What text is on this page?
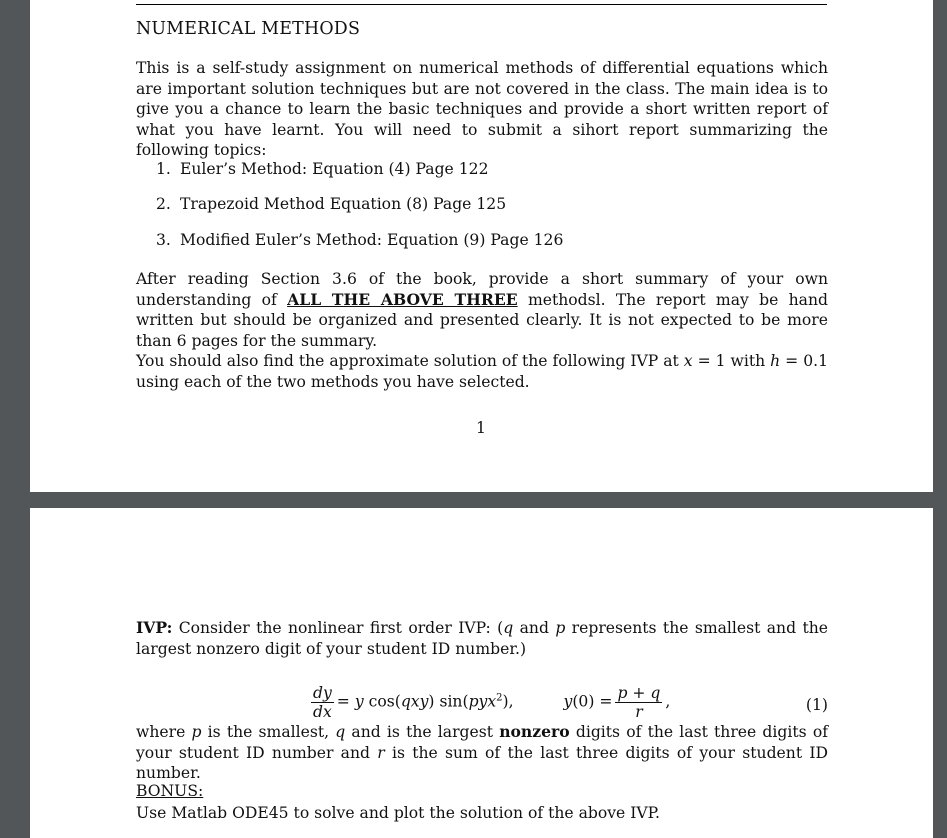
NUMERICAL METHODS

This is a self-study assignment on numerical methods of differential equations which are important solution techniques but are not covered in the class. The main idea is to give you a chance to learn the basic techniques and provide a short written report of what you have learnt. You will need to submit a sihort report summarizing the following topics:

1. Euler’s Method: Equation (4) Page 122
2. Trapezoid Method Equation (8) Page 125
3. Modified Euler’s Method: Equation (9) Page 126

After reading Section 3.6 of the book, provide a short summary of your own understanding of ALL THE ABOVE THREE methodsl. The report may be hand written but should be organized and presented clearly. It is not expected to be more than 6 pages for the summary.

You should also find the approximate solution of the following IVP at x = 1 with h = 0.1 using each of the two methods you have selected.

1

IVP: Consider the nonlinear first order IVP: (q and p represents the smallest and the largest nonzero digit of your student ID number.)

$\frac{dy}{dx} = y$ cos(qxy) sin(pyx$^2$),	$y(0) = \frac{p + q}{r}$ ,	(1)

where p is the smallest, q and is the largest nonzero digits of the last three digits of your student ID number and r is the sum of the last three digits of your student ID number.

BONUS:
Use Matlab ODE45 to solve and plot the solution of the above IVP.
